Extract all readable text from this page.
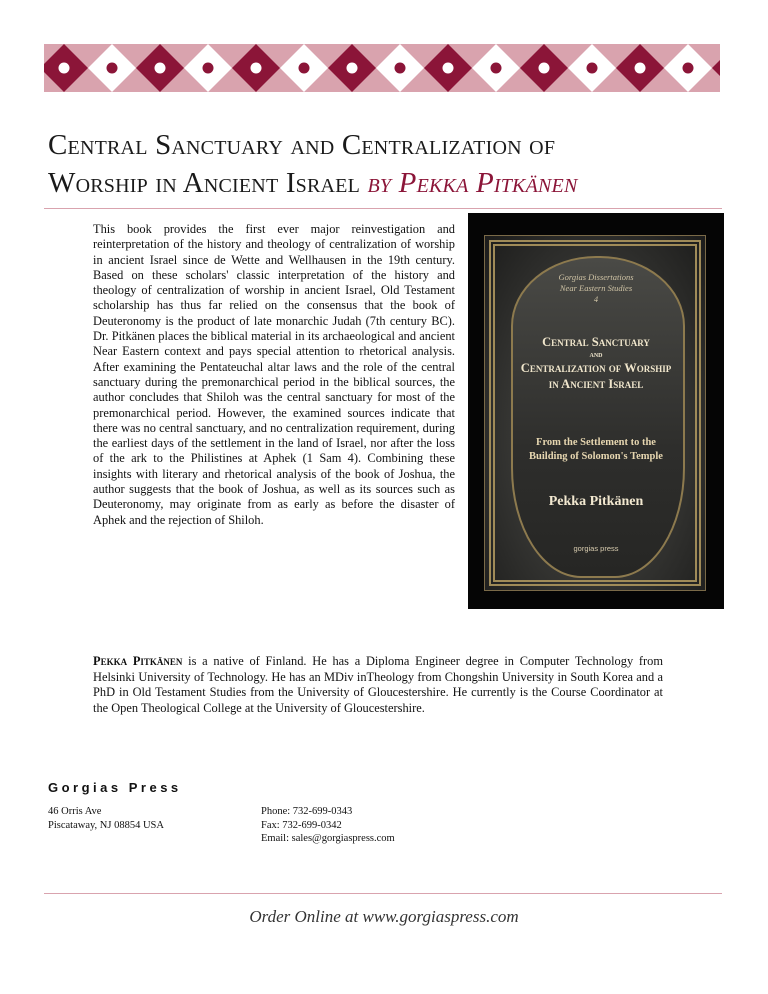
Central Sanctuary and Centralization of
Worship in Ancient Israel by Pekka Pitkänen

This book provides the first ever major reinvestigation and reinterpretation of the history and theology of centralization of worship in ancient Israel since de Wette and Wellhausen in the 19th century. Based on these scholars' classic interpretation of the history and theology of centralization of worship in ancient Israel, Old Testament scholarship has thus far relied on the consensus that the book of Deuteronomy is the product of late monarchic Judah (7th century BC). Dr. Pitkänen places the biblical material in its archaeological and ancient Near Eastern context and pays special attention to rhetorical analysis. After examining the Pentateuchal altar laws and the role of the central sanctuary during the premonarchical period in the biblical sources, the author concludes that Shiloh was the central sanctuary for most of the premonarchical period. However, the examined sources indicate that there was no central sanctuary, and no centralization requirement, during the earliest days of the settlement in the land of Israel, nor after the loss of the ark to the Philistines at Aphek (1 Sam 4). Combining these insights with literary and rhetorical analysis of the book of Joshua, the author suggests that the book of Joshua, as well as its sources such as Deuteronomy, may originate from as early as before the disaster of Aphek and the rejection of Shiloh.

Gorgias Dissertations
Near Eastern Studies
4
Central Sanctuary
and
Centralization of Worship
in Ancient Israel
From the Settlement to the
Building of Solomon's Temple
Pekka Pitkänen
gorgias press

Pekka Pitkänen is a native of Finland. He has a Diploma Engineer degree in Computer Technology from Helsinki University of Technology. He has an MDiv inTheology from Chongshin University in South Korea and a PhD in Old Testament Studies from the University of Gloucestershire. He currently is the Course Coordinator at the Open Theological College at the University of Gloucestershire.

Gorgias Press
46 Orris Ave
Piscataway, NJ 08854 USA
Phone: 732-699-0343
Fax: 732-699-0342
Email: sales@gorgiaspress.com
Order Online at www.gorgiaspress.com
